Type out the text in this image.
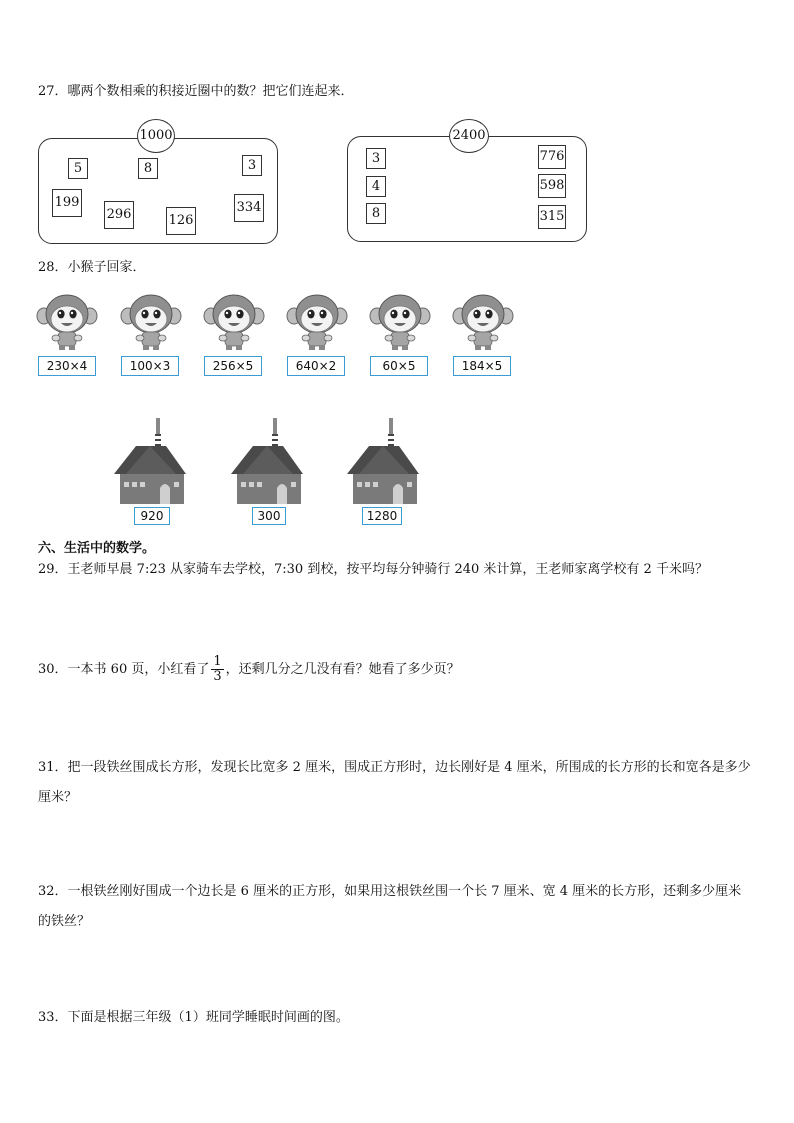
27．哪两个数相乘的积接近圈中的数？把它们连起来．
1000
5	8	3
199
296	126
334
2400
3
4
8
776
598
315
28．小猴子回家．
230×4	100×3	256×5	640×2	60×5	184×5
920	300	1280
六、生活中的数学。
29．王老师早晨 7:23 从家骑车去学校，7:30 到校，按平均每分钟骑行 240 米计算，王老师家离学校有 2 千米吗？
30．一本书 60 页，小红看了 $\frac{1}{3}$ ，还剩几分之几没有看？她看了多少页？
31．把一段铁丝围成长方形，发现长比宽多 2 厘米，围成正方形时，边长刚好是 4 厘米，所围成的长方形的长和宽各是多少厘米？
32．一根铁丝刚好围成一个边长是 6 厘米的正方形，如果用这根铁丝围一个长 7 厘米、宽 4 厘米的长方形，还剩多少厘米的铁丝？
33．下面是根据三年级（1）班同学睡眠时间画的图。
